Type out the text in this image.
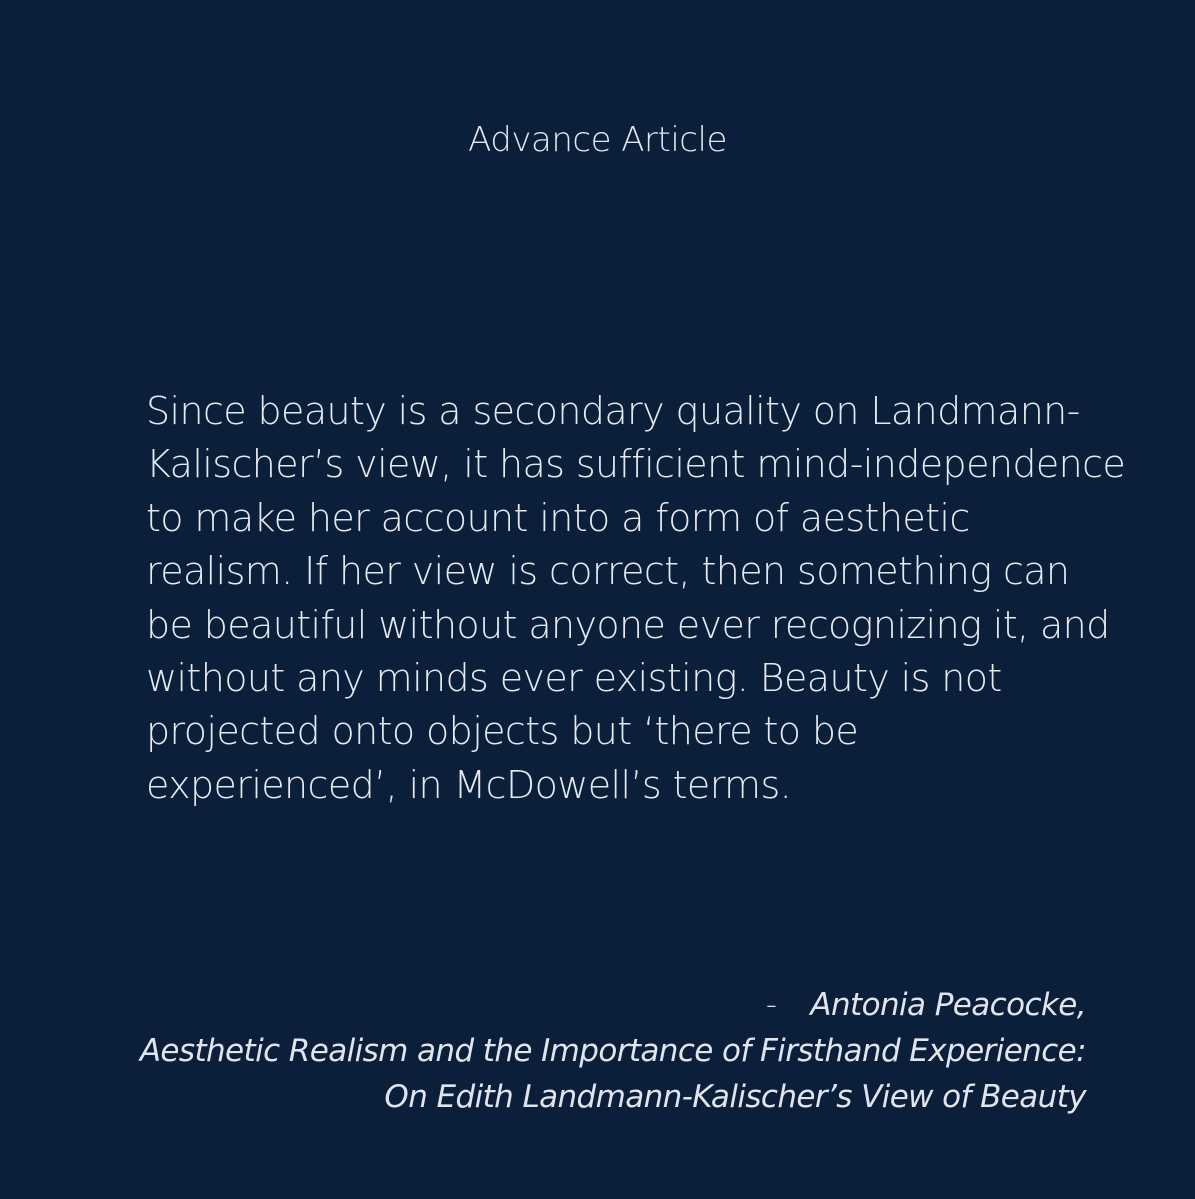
Advance Article

Since beauty is a secondary quality on Landmann-
Kalischer’s view, it has sufficient mind-independence
to make her account into a form of aesthetic
realism. If her view is correct, then something can
be beautiful without anyone ever recognizing it, and
without any minds ever existing. Beauty is not
projected onto objects but ‘there to be
experienced’, in McDowell’s terms.

- Antonia Peacocke,
Aesthetic Realism and the Importance of Firsthand Experience:
On Edith Landmann-Kalischer’s View of Beauty
